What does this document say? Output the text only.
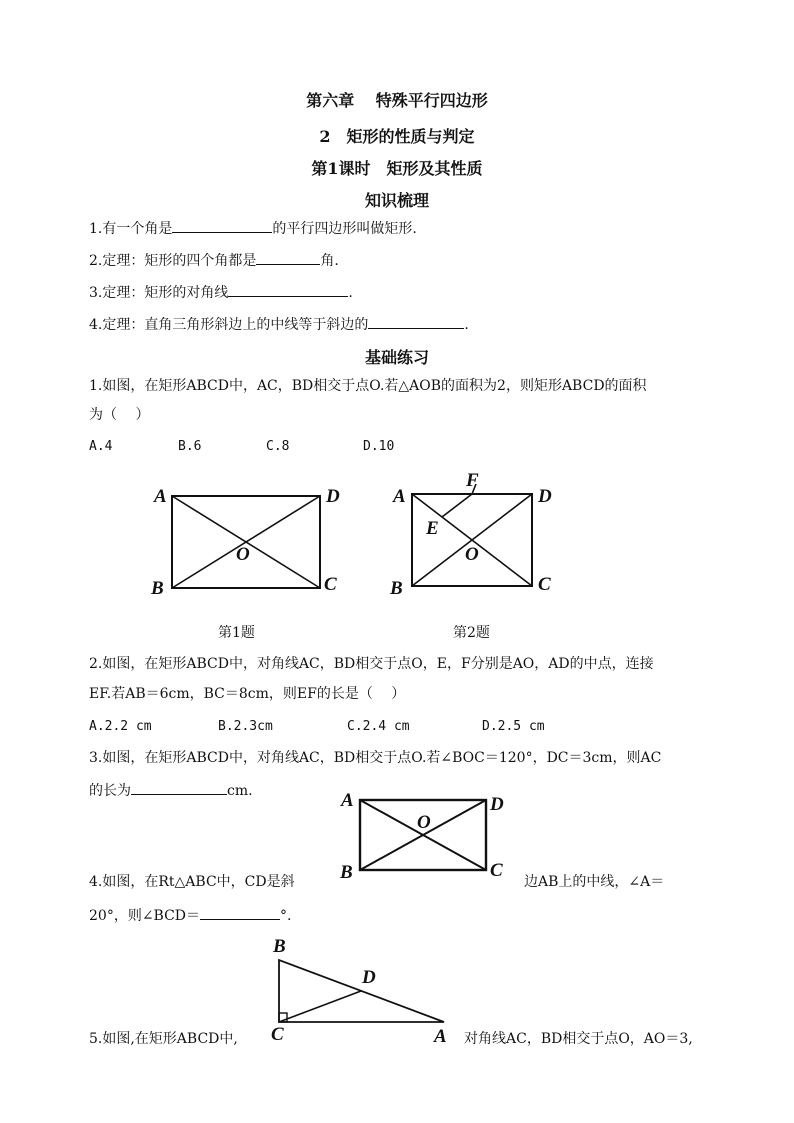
第六章　 特殊平行四边形
2　矩形的性质与判定
第1课时　矩形及其性质
知识梳理
1.有一个角是	的平行四边形叫做矩形.
2.定理：矩形的四个角都是	角.
3.定理：矩形的对角线	.
4.定理：直角三角形斜边上的中线等于斜边的	.
基础练习
1.如图，在矩形ABCD中，AC，BD相交于点O.若△AOB的面积为2，则矩形ABCD的面积
为（　 ）
A.4	B.6	C.8	D.10
A	D
O
B	C
第1题
A
F
D
E
O
B	C
第2题
2.如图，在矩形ABCD中，对角线AC，BD相交于点O，E，F分别是AO，AD的中点，连接
EF.若AB＝6cm，BC＝8cm，则EF的长是（　 ）
A.2.2 cm	B.2.3cm	C.2.4 cm	D.2.5 cm
3.如图，在矩形ABCD中，对角线AC，BD相交于点O.若∠BOC＝120°，DC＝3cm，则AC
的长为	cm.	A	D
O
B	C
4.如图，在Rt△ABC中，CD是斜	边AB上的中线，∠A＝
20°，则∠BCD＝	°.
B
D
C	A
5.如图,在矩形ABCD中,	对角线AC，BD相交于点O，AO＝3,
